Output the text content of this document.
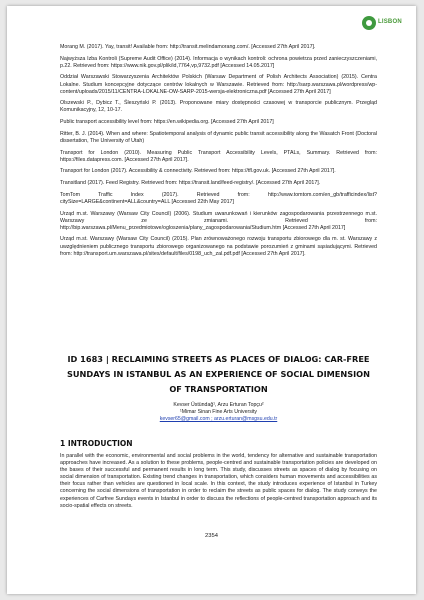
LISBON

Morang M. (2017). Yay, transit! Available from: http://transit.melindamorang.com/. [Accessed 27th April 2017].

Najwyższa Izba Kontroli (Supreme Audit Office) (2014). Informacja o wynikach kontroli: ochrona powietrza przed zanieczyszczeniami, p.22. Retrieved from: https://www.nik.gov.pl/plik/id,7764,vp,9732.pdf [Accessed 14.05.2017]

Oddział Warszawski Stowarzyszenia Architektów Polskich (Warsaw Department of Polish Architects Association) (2015). Centra Lokalne. Studium koncepcyjne dotyczące centrów lokalnych w Warszawie. Retrieved from: http://sarp.warszawa.pl/wordpress/wp-content/uploads/2015/11/CENTRA-LOKALNE-OW-SARP-2015-wersja-elektroniczna.pdf [Accessed 27th April 2017]

Olszewski P., Dybicz T., Śleszyński P. (2013). Proponowane miary dostępności czasowej w transporcie publicznym. Przegląd Komunikacyjny, 12, 10-17.

Public transport accessibility level from: https://en.wikipedia.org. [Accessed 27th April 2017]

Ritter, B. J. (2014). When and where: Spatiotemporal analysis of dynamic public transit accessibility along the Wasatch Front (Doctoral dissertation, The University of Utah)

Transport for London (2010). Measuring Public Transport Accessibility Levels, PTALs, Summary. Retrieved from: https://files.datapress.com. [Accessed 27th April 2017].

Transport for London (2017). Accessibility & connectivity. Retrieved from: https://tfl.gov.uk. [Accessed 27th April 2017].

Transitland (2017). Feed Registry. Retrieved from: https://transit.land/feed-registry/. [Accessed 27th April 2017].

TomTom Traffic Index (2017). Retrieved from: http://www.tomtom.com/en_gb/trafficindex/list?citySize=LARGE&continent=ALL&country=ALL [Accessed 22th May 2017]

Urząd m.st. Warszawy (Warsaw City Council) (2006). Studium uwarunkowań i kierunków zagospodarowania przestrzennego m.st. Warszawy ze zmianami. Retrieved from: http://bip.warszawa.pl/Menu_przedmiotowe/ogloszenia/plany_zagospodarowania/Studium.htm [Accessed 27th April 2017]

Urząd m.st. Warszawy (Warsaw City Council) (2015). Plan zrównoważonego rozwoju transportu zbiorowego dla m. st. Warszawy z uwzględnieniem publicznego transportu zbiorowego organizowanego na podstawie porozumień z gminami sąsiadującymi. Retrieved from: http://transport.um.warszawa.pl/sites/default/files/0198_uch_zal.pdf.pdf [Accessed 27th April 2017].

ID 1683 | RECLAIMING STREETS AS PLACES OF DIALOG: CAR-FREE SUNDAYS IN ISTANBUL AS AN EXPERIENCE OF SOCIAL DIMENSION OF TRANSPORTATION
Kevser Üstündağ¹, Arzu Erturan Topçu²
¹Mimar Sinan Fine Arts University
kevser65@gmail.com ; arzu.erturan@msgsu.edu.tr
1 INTRODUCTION

In parallel with the economic, environmental and social problems in the world, tendency for alternative and sustainable transportation approaches have increased. As a solution to these problems, people-centred and sustainable transportation policies are developed on the bases of their successful and permanent results in long term. This study, discusses streets as spaces of dialog by focusing on social dimension of transportation. Existing trend changes in transportation, which considers human movements and accessibilities as their focus rather than vehicles are questioned in local scale. In this context, the study introduces experience of Istanbul in Turkey concerning the social dimensions of transportation in order to reclaim the streets as public spaces for dialog. The study conveys the experiences of Carfree Sundays events in Istanbul in order to discuss the reflections of people-centred transportation approach and its socio-spatial effects on streets.

2354
